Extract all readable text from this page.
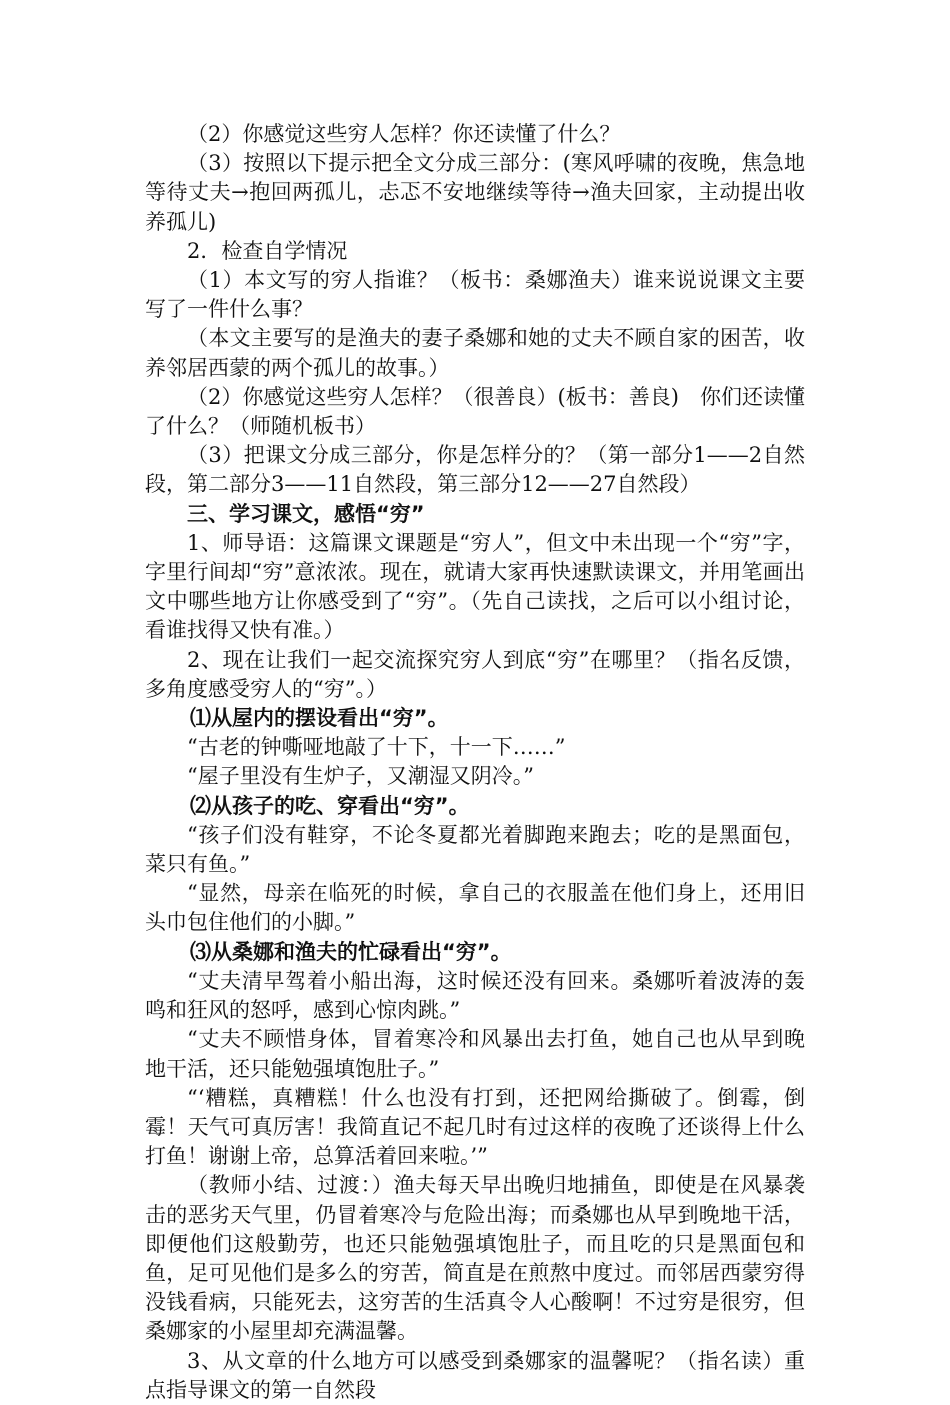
（2）你感觉这些穷人怎样？你还读懂了什么？

（3）按照以下提示把全文分成三部分：(寒风呼啸的夜晚，焦急地等待丈夫→抱回两孤儿，忐忑不安地继续等待→渔夫回家，主动提出收养孤儿)

2．检查自学情况

（1）本文写的穷人指谁？（板书：桑娜渔夫）谁来说说课文主要写了一件什么事？

（本文主要写的是渔夫的妻子桑娜和她的丈夫不顾自家的困苦，收养邻居西蒙的两个孤儿的故事。）

（2）你感觉这些穷人怎样？（很善良）(板书：善良)　你们还读懂了什么？（师随机板书）

（3）把课文分成三部分，你是怎样分的？（第一部分1——2自然段，第二部分3——11自然段，第三部分12——27自然段）

三、学习课文，感悟“穷”

1、师导语：这篇课文课题是“穷人”，但文中未出现一个“穷”字，字里行间却“穷”意浓浓。现在，就请大家再快速默读课文，并用笔画出文中哪些地方让你感受到了“穷”。（先自己读找，之后可以小组讨论，看谁找得又快有准。）

2、现在让我们一起交流探究穷人到底“穷”在哪里？（指名反馈，多角度感受穷人的“穷”。）

⑴从屋内的摆设看出“穷”。

“古老的钟嘶哑地敲了十下，十一下……”

“屋子里没有生炉子，又潮湿又阴冷。”

⑵从孩子的吃、穿看出“穷”。

“孩子们没有鞋穿，不论冬夏都光着脚跑来跑去；吃的是黑面包，菜只有鱼。”

“显然，母亲在临死的时候，拿自己的衣服盖在他们身上，还用旧头巾包住他们的小脚。”

⑶从桑娜和渔夫的忙碌看出“穷”。

“丈夫清早驾着小船出海，这时候还没有回来。桑娜听着波涛的轰鸣和狂风的怒呼，感到心惊肉跳。”

“丈夫不顾惜身体，冒着寒冷和风暴出去打鱼，她自己也从早到晚地干活，还只能勉强填饱肚子。”

“‘糟糕，真糟糕！什么也没有打到，还把网给撕破了。倒霉，倒霉！天气可真厉害！我简直记不起几时有过这样的夜晚了还谈得上什么打鱼！谢谢上帝，总算活着回来啦。’”

（教师小结、过渡：）渔夫每天早出晚归地捕鱼，即使是在风暴袭击的恶劣天气里，仍冒着寒冷与危险出海；而桑娜也从早到晚地干活，即便他们这般勤劳，也还只能勉强填饱肚子，而且吃的只是黑面包和鱼，足可见他们是多么的穷苦，简直是在煎熬中度过。而邻居西蒙穷得没钱看病，只能死去，这穷苦的生活真令人心酸啊！不过穷是很穷，但桑娜家的小屋里却充满温馨。

3、从文章的什么地方可以感受到桑娜家的温馨呢？（指名读）重点指导课文的第一自然段
